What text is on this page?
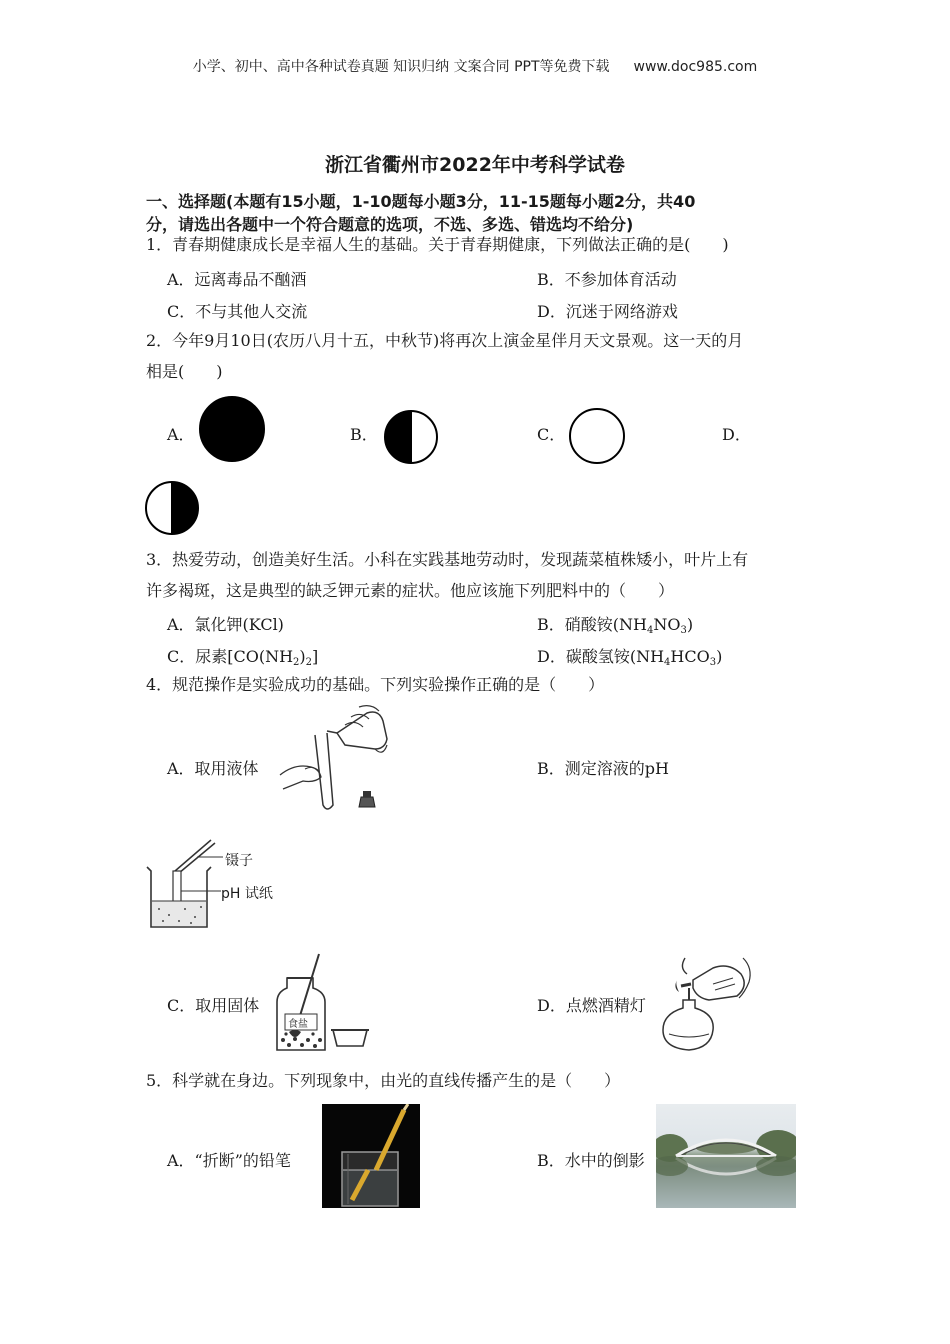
小学、初中、高中各种试卷真题 知识归纳 文案合同 PPT等免费下载 www.doc985.com
浙江省衢州市2022年中考科学试卷
一、选择题(本题有15小题，1-10题每小题3分，11-15题每小题2分，共40
分，请选出各题中一个符合题意的选项，不选、多选、错选均不给分)
1．青春期健康成长是幸福人生的基础。关于青春期健康，下列做法正确的是(　　)
A．远离毒品不酗酒	B．不参加体育活动
C．不与其他人交流	D．沉迷于网络游戏
2．今年9月10日(农历八月十五，中秋节)将再次上演金星伴月天文景观。这一天的月
相是(　　)
A．	B．	C．	D．
3．热爱劳动，创造美好生活。小科在实践基地劳动时，发现蔬菜植株矮小，叶片上有
许多褐斑，这是典型的缺乏钾元素的症状。他应该施下列肥料中的（　　）
A．氯化钾(KCl)	B．硝酸铵$(NH_4NO_3)$
C．尿素$[CO(NH_2)_2]$	D．碳酸氢铵$(NH_4HCO_3)$
4．规范操作是实验成功的基础。下列实验操作正确的是（　　）
A．取用液体	B．测定溶液的pH
镊子
pH 试纸
C．取用固体
食盐
D．点燃酒精灯
5．科学就在身边。下列现象中，由光的直线传播产生的是（　　）
A．“折断”的铅笔	B．水中的倒影
